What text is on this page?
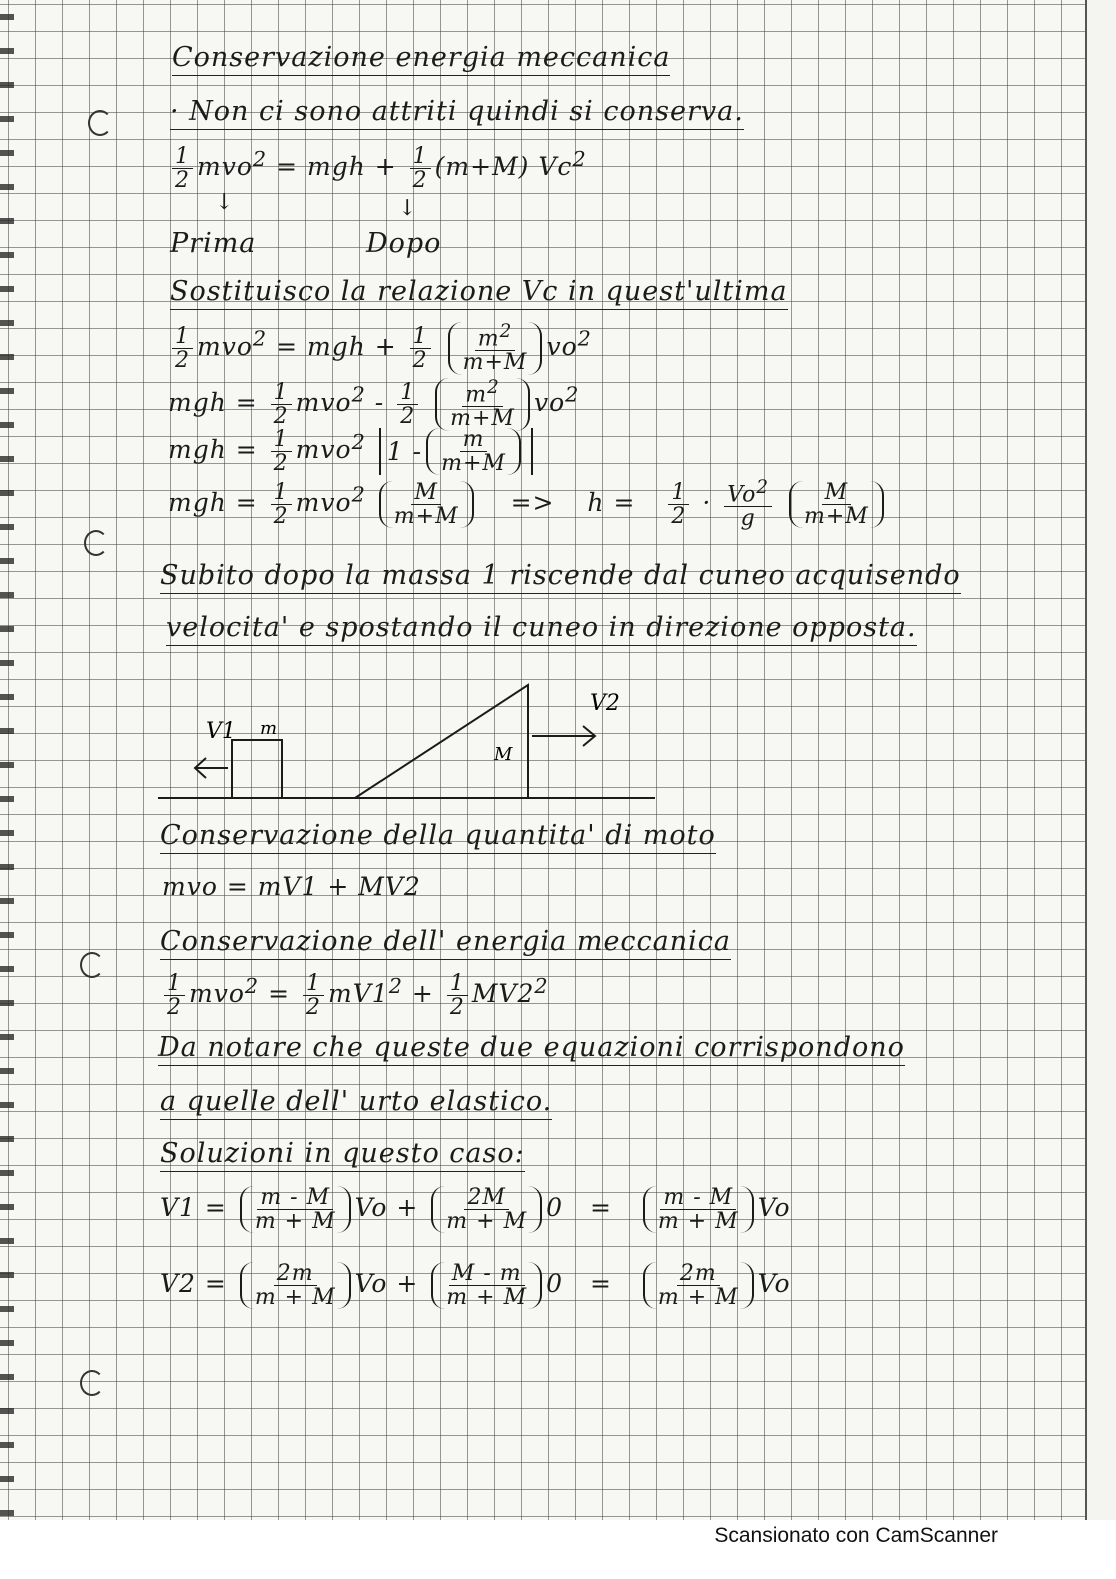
Conservazione energia meccanica
· Non ci sono attriti quindi si conserva.
$\frac{1}{2} mvo^2$ = mgh + $\frac{1}{2} (m+M)$ Vc$^2$
↓	↓
Prima	Dopo
Sostituisco la relazione Vc in quest'ultima
$\frac{1}{2} mvo^2$ = mgh + $\frac{1}{2}$
$\frac{m^2}{m+M} vo^2$
mgh = $\frac{1}{2} mvo^2 - \frac{1}{2}$
$\frac{m^2}{m+M} vo^2$
mgh = $\frac{1}{2} mvo^2$ $1 - \frac{m}{m+M}$
mgh = $\frac{1}{2} mvo^2 \frac{M}{m+M} => h = \frac{1}{2} \cdot \frac{Vo^2}{g}$
$\frac{M}{m+M}$
Subito dopo la massa 1 riscende dal cuneo acquisendo
velocita' e spostando il cuneo in direzione opposta.
V1 m
M
V2
Conservazione della quantita' di moto
mvo = mV1 + MV2
Conservazione dell' energia meccanica
$\frac{1}{2} mvo^2 = \frac{1}{2} mV1^2 + \frac{1}{2} MV2^2$
Da notare che queste due equazioni corrispondono
a quelle dell' urto elastico.
Soluzioni in questo caso:
$V1 = \frac{m - M}{m + M}$ $Vo + \frac{2M}{m + M} 0 = \frac{m - M}{m + M}$ Vo
$V2 = \frac{2m}{m + M}$ $Vo + \frac{M - m}{m + M} 0 = \frac{2m}{m + M}$ Vo
Scansionato con CamScanner
